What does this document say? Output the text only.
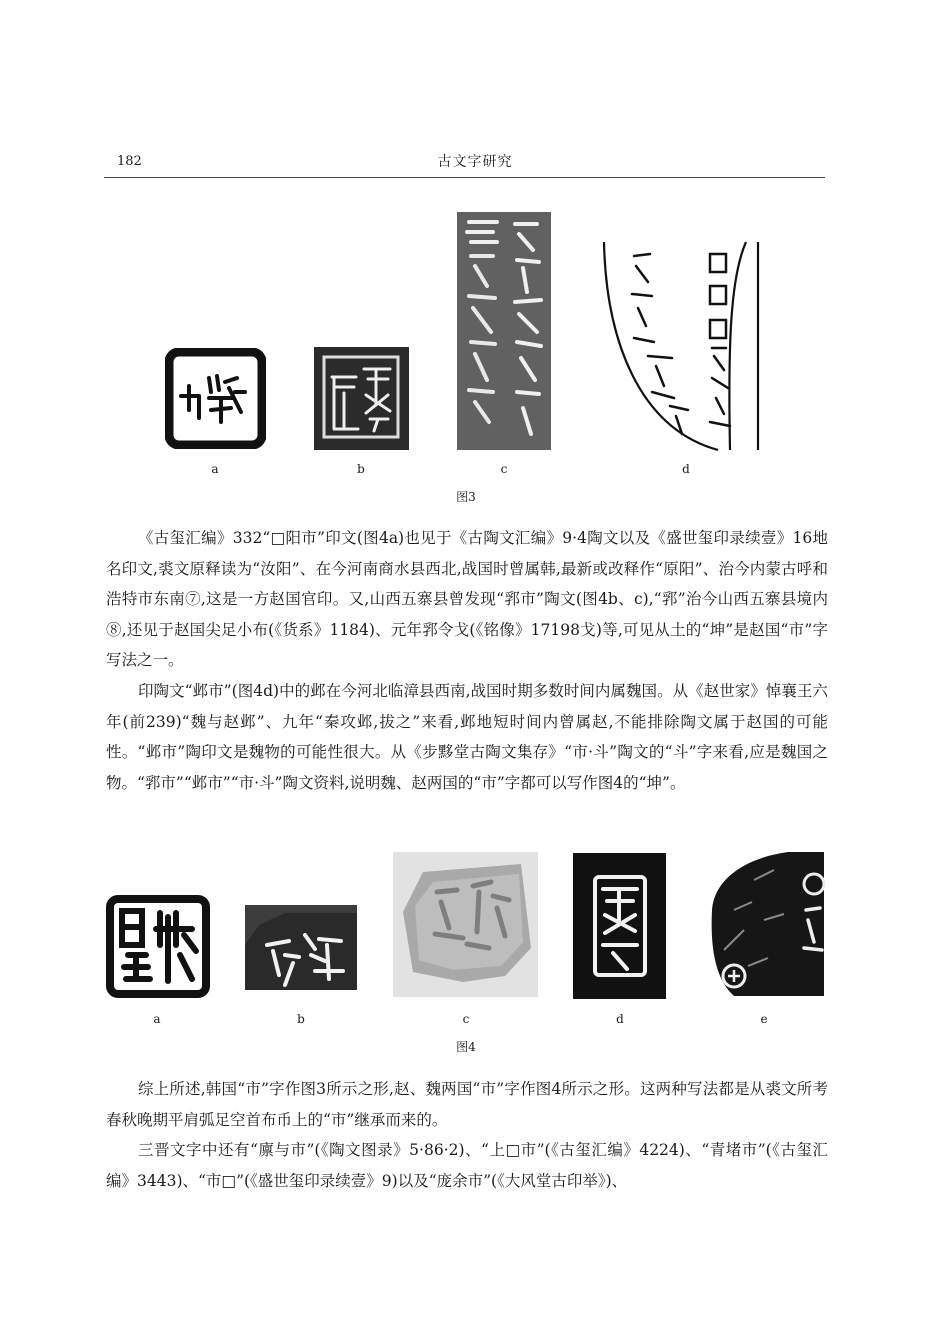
182	古文字研究
a	b	c	d
图3

《古玺汇编》332“□阳市”印文(图4a)也见于《古陶文汇编》9·4陶文以及《盛世玺印录续壹》16地名印文,裘文原释读为“汝阳”、在今河南商水县西北,战国时曾属韩,最新或改释作“原阳”、治今内蒙古呼和浩特市东南⑦,这是一方赵国官印。又,山西五寨县曾发现“郛市”陶文(图4b、c),“郛”治今山西五寨县境内⑧,还见于赵国尖足小布(《货系》1184)、元年郛令戈(《铭像》17198戈)等,可见从土的“坤”是赵国“市”字写法之一。

印陶文“邺市”(图4d)中的邺在今河北临漳县西南,战国时期多数时间内属魏国。从《赵世家》悼襄王六年(前239)“魏与赵邺”、九年“秦攻邺,拔之”来看,邺地短时间内曾属赵,不能排除陶文属于赵国的可能性。“邺市”陶印文是魏物的可能性很大。从《步黟堂古陶文集存》“市·斗”陶文的“斗”字来看,应是魏国之物。“郛市”“邺市”“市·斗”陶文资料,说明魏、赵两国的“市”字都可以写作图4的“坤”。

a	b	c	d	e
图4

综上所述,韩国“市”字作图3所示之形,赵、魏两国“市”字作图4所示之形。这两种写法都是从裘文所考春秋晚期平肩弧足空首布币上的“市”继承而来的。

三晋文字中还有“廪与市”(《陶文图录》5·86·2)、“上□市”(《古玺汇编》4224)、“青堵市”(《古玺汇编》3443)、“市□”(《盛世玺印录续壹》9)以及“庞余市”(《大风堂古印举》)、
